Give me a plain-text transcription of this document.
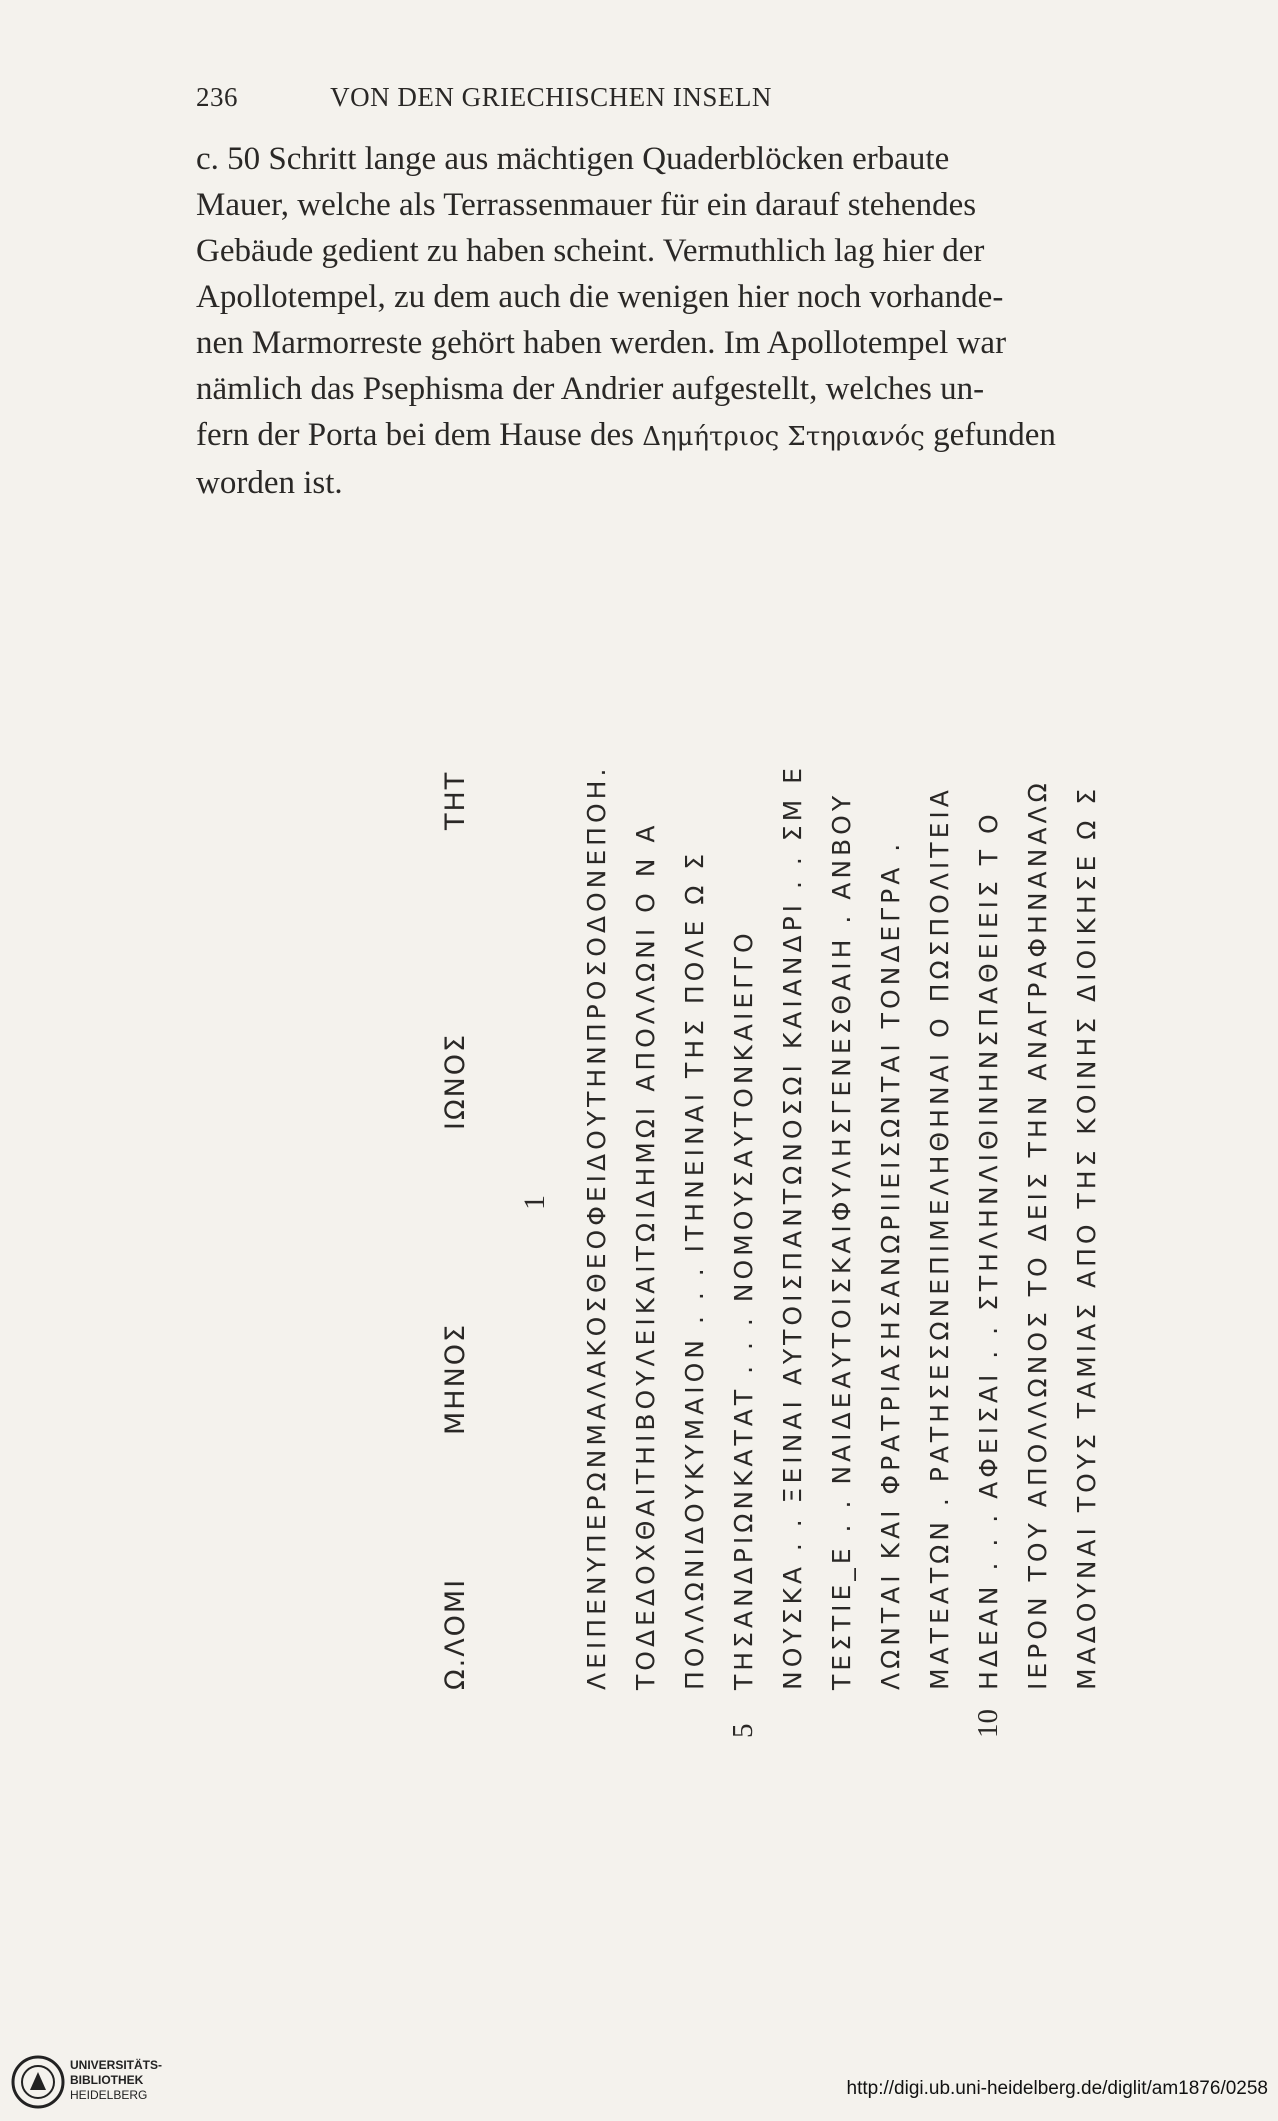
236	VON DEN GRIECHISCHEN INSELN

c. 50 Schritt lange aus mächtigen Quaderblöcken erbaute

Mauer, welche als Terrassenmauer für ein darauf stehendes

Gebäude gedient zu haben scheint. Vermuthlich lag hier der

Apollotempel, zu dem auch die wenigen hier noch vorhande-

nen Marmorreste gehört haben werden. Im Apollotempel war

nämlich das Psephisma der Andrier aufgestellt, welches un-

fern der Porta bei dem Hause des Δημήτριος Στηριανός gefunden

worden ist.

Ω.ΛΟΜΙ
ΜΗΝΟΣ
ΙΩΝΟΣ
ΤΗΤ
1	ΛΕΙΠΕΝΥΠΕΡΩΝΜΑΛΑΚΟΣΘΕΟΦΕΙΔΟΥΤΗΝΠΡΟΣΟΔΟΝΕΠΟΗ. ΤΟΔΕΔΟΧΘΑΙΤΗΙΒΟΥΛΕΙΚΑΙΤΩΙΔΗΜΩΙ ΑΠΟΛΛΩΝΙ Ο Ν Α ΠΟΛΛΩΝΙΔΟΥΚΥΜΑΙΟΝ . . . ΙΤΗΝΕΙΝΑΙ ΤΗΣ ΠΟΛΕ Ω Σ
5
ΤΗΣΑΝΔΡΙΩΝΚΑΤΑΤ . . . ΝΟΜΟΥΣΑΥΤΟΝΚΑΙΕΓΓΟ ΝΟΥΣΚΑ . . ΞΕΙΝΑΙ ΑΥΤΟΙΣΠΑΝΤΩΝΟΣΩΙ ΚΑΙΑΝΔΡΙ . . ΣΜ Ε ΤΕΣΤΙΕ_Ε . . ΝΑΙΔΕΑΥΤΟΙΣΚΑΙΦΥΛΗΣΓΕΝΕΣΘΑΙΗ . ΑΝΒΟΥ ΛΩΝΤΑΙ ΚΑΙ ΦΡΑΤΡΙΑΣΗΣΑΝΩΡΙΙΕΙΣΩΝΤΑΙ ΤΟΝΔΕΓΡΑ . ΜΑΤΕΑΤΩΝ . ΡΑΤΗΣΕΣΩΝΕΠΙΜΕΛΗΘΗΝΑΙ Ο ΠΩΣΠΟΛΙΤΕΙΑ
10
ΗΔΕΑΝ . . . ΑΦΕΙΣΑΙ . . ΣΤΗΛΗΝΛΙΘΙΝΗΝΣΠΑΘΕΙΕΙΣ Τ Ο ΙΕΡΟΝ ΤΟΥ ΑΠΟΛΛΩΝΟΣ ΤΟ ΔΕΙΣ ΤΗΝ ΑΝΑΓΡΑΦΗΝΑΝΑΛΩ ΜΑΔΟΥΝΑΙ ΤΟΥΣ ΤΑΜΙΑΣ ΑΠΟ ΤΗΣ ΚΟΙΝΗΣ ΔΙΟΙΚΗΣΕ Ω Σ
UNIVERSITÄTS-
BIBLIOTHEK
HEIDELBERG	http://digi.ub.uni-heidelberg.de/diglit/am1876/0258
